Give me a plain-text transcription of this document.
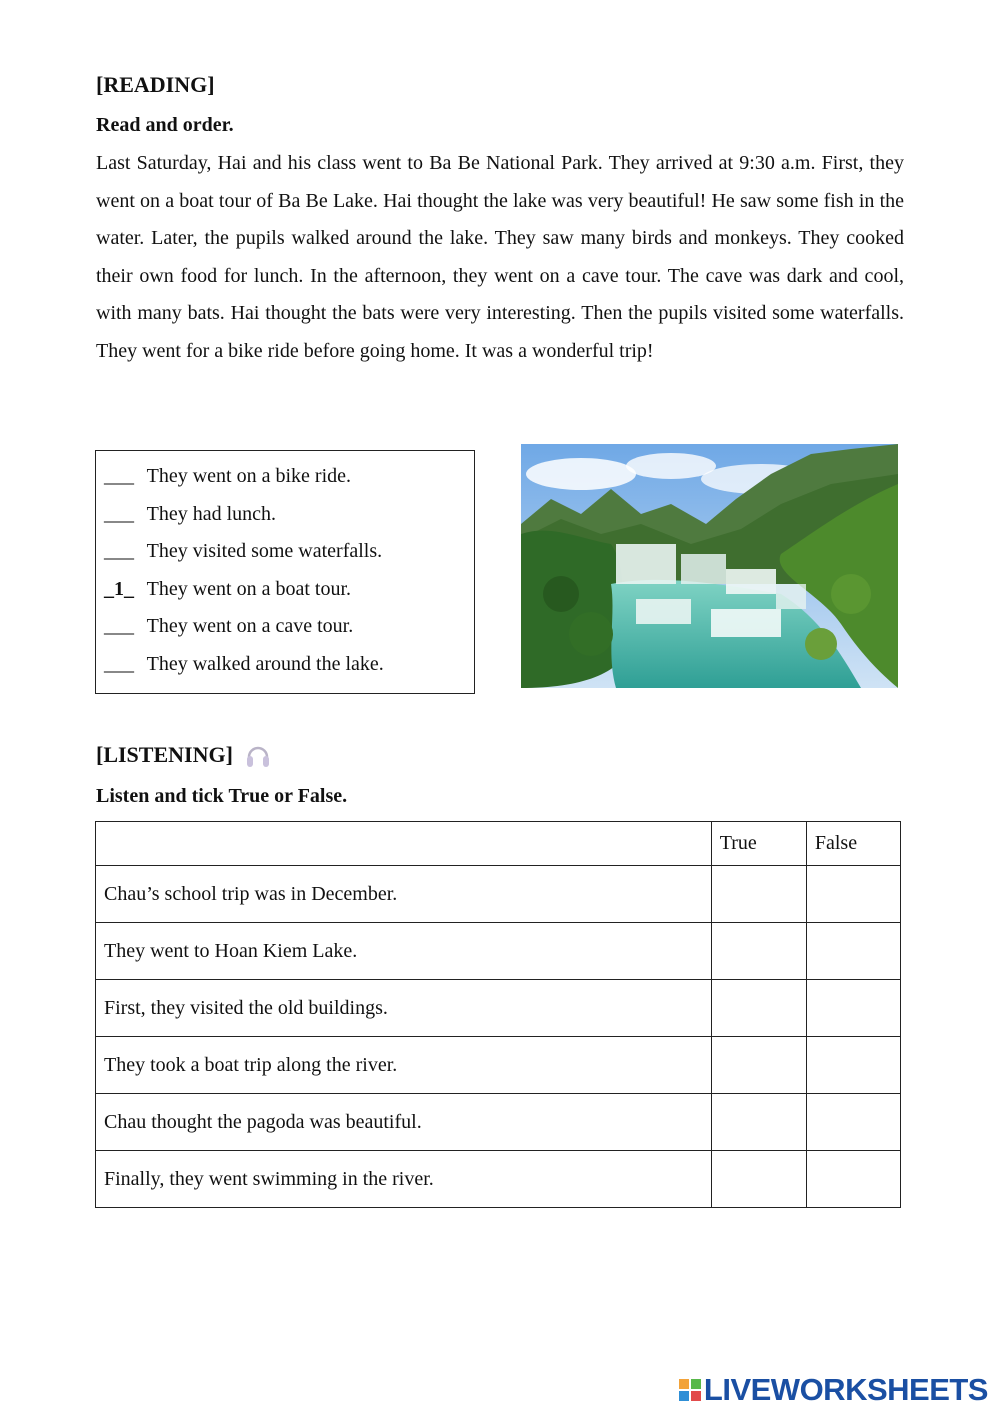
[READING]
Read and order.
Last Saturday, Hai and his class went to Ba Be National Park. They arrived at 9:30 a.m. First, they went on a boat tour of Ba Be Lake. Hai thought the lake was very beautiful! He saw some fish in the water. Later, the pupils walked around the lake. They saw many birds and monkeys. They cooked their own food for lunch. In the afternoon, they went on a cave tour. The cave was dark and cool, with many bats. Hai thought the bats were very interesting. Then the pupils visited some waterfalls. They went for a bike ride before going home. It was a wonderful trip!
___ They went on a bike ride.
___ They had lunch.
___ They visited some waterfalls.
_1_ They went on a boat tour.
___ They went on a cave tour.
___ They walked around the lake.
[LISTENING]
Listen and tick True or False.
	True	False
Chau’s school trip was in December.		
They went to Hoan Kiem Lake.		
First, they visited the old buildings.		
They took a boat trip along the river.		
Chau thought the pagoda was beautiful.		
Finally, they went swimming in the river.		
LIVEWORKSHEETS
